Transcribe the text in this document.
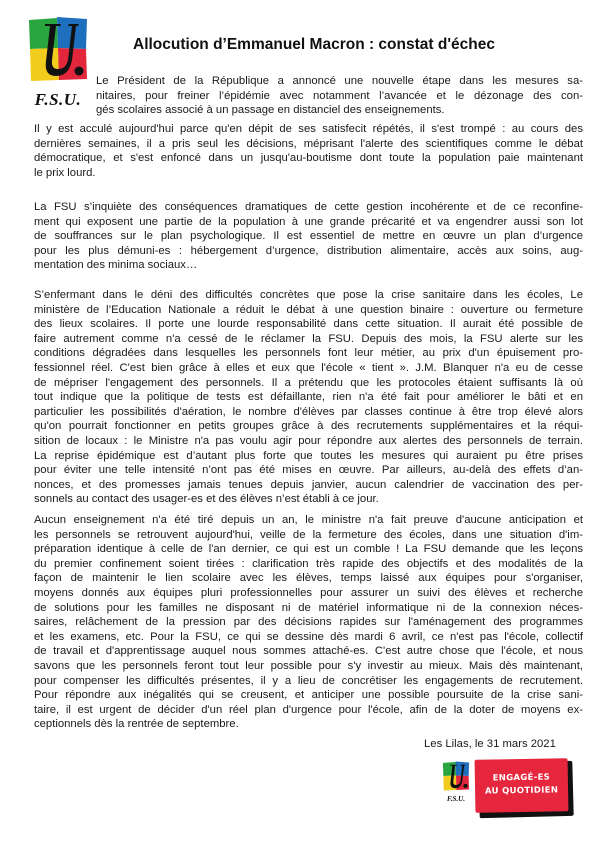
F.S.U.
Allocution d’Emmanuel Macron : constat d'échec

Le Président de la République a annoncé une nouvelle étape dans les mesures sa-
nitaires, pour freiner l’épidémie avec notamment l’avancée et le dézonage des con-
gés scolaires associé à un passage en distanciel des enseignements.

Il y est acculé aujourd'hui parce qu'en dépit de ses satisfecit répétés, il s'est trompé : au cours des
dernières semaines, il a pris seul les décisions, méprisant l'alerte des scientifiques comme le débat
démocratique, et s'est enfoncé dans un jusqu'au-boutisme dont toute la population paie maintenant
le prix lourd.

La FSU s’inquiète des conséquences dramatiques de cette gestion incohérente et de ce reconfine-
ment qui exposent une partie de la population à une grande précarité et va engendrer aussi son lot
de souffrances sur le plan psychologique. Il est essentiel de mettre en œuvre un plan d’urgence
pour les plus démuni-es : hébergement d’urgence, distribution alimentaire, accès aux soins, aug-
mentation des minima sociaux…

S’enfermant dans le déni des difficultés concrètes que pose la crise sanitaire dans les écoles, Le
ministère de l’Education Nationale a réduit le débat à une question binaire : ouverture ou fermeture
des lieux scolaires. Il porte une lourde responsabilité dans cette situation. Il aurait été possible de
faire autrement comme n'a cessé de le réclamer la FSU. Depuis des mois, la FSU alerte sur les
conditions dégradées dans lesquelles les personnels font leur métier, au prix d'un épuisement pro-
fessionnel réel. C'est bien grâce à elles et eux que l'école « tient ». J.M. Blanquer n'a eu de cesse
de mépriser l'engagement des personnels. Il a prétendu que les protocoles étaient suffisants là où
tout indique que la politique de tests est défaillante, rien n'a été fait pour améliorer le bâti et en
particulier les possibilités d'aération, le nombre d'élèves par classes continue à être trop élevé alors
qu'on pourrait fonctionner en petits groupes grâce à des recrutements supplémentaires et la réqui-
sition de locaux : le Ministre n'a pas voulu agir pour répondre aux alertes des personnels de terrain.
La reprise épidémique est d’autant plus forte que toutes les mesures qui auraient pu être prises
pour éviter une telle intensité n’ont pas été mises en œuvre. Par ailleurs, au-delà des effets d’an-
nonces, et des promesses jamais tenues depuis janvier, aucun calendrier de vaccination des per-
sonnels au contact des usager-es et des élèves n’est établi à ce jour.

Aucun enseignement n'a été tiré depuis un an, le ministre n'a fait preuve d'aucune anticipation et
les personnels se retrouvent aujourd'hui, veille de la fermeture des écoles, dans une situation d'im-
préparation identique à celle de l'an dernier, ce qui est un comble ! La FSU demande que les leçons
du premier confinement soient tirées : clarification très rapide des objectifs et des modalités de la
façon de maintenir le lien scolaire avec les élèves, temps laissé aux équipes pour s'organiser,
moyens donnés aux équipes pluri professionnelles pour assurer un suivi des élèves et recherche
de solutions pour les familles ne disposant ni de matériel informatique ni de la connexion néces-
saires, relâchement de la pression par des décisions rapides sur l'aménagement des programmes
et les examens, etc. Pour la FSU, ce qui se dessine dès mardi 6 avril, ce n'est pas l'école, collectif
de travail et d'apprentissage auquel nous sommes attaché-es. C'est autre chose que l'école, et nous
savons que les personnels feront tout leur possible pour s'y investir au mieux. Mais dès maintenant,
pour compenser les difficultés présentes, il y a lieu de concrétiser les engagements de recrutement.
Pour répondre aux inégalités qui se creusent, et anticiper une possible poursuite de la crise sani-
taire, il est urgent de décider d'un réel plan d'urgence pour l'école, afin de la doter de moyens ex-
ceptionnels dès la rentrée de septembre.

Les Lilas, le 31 mars 2021
F.S.U.
ENGAGÉ-ES
AU QUOTIDIEN
